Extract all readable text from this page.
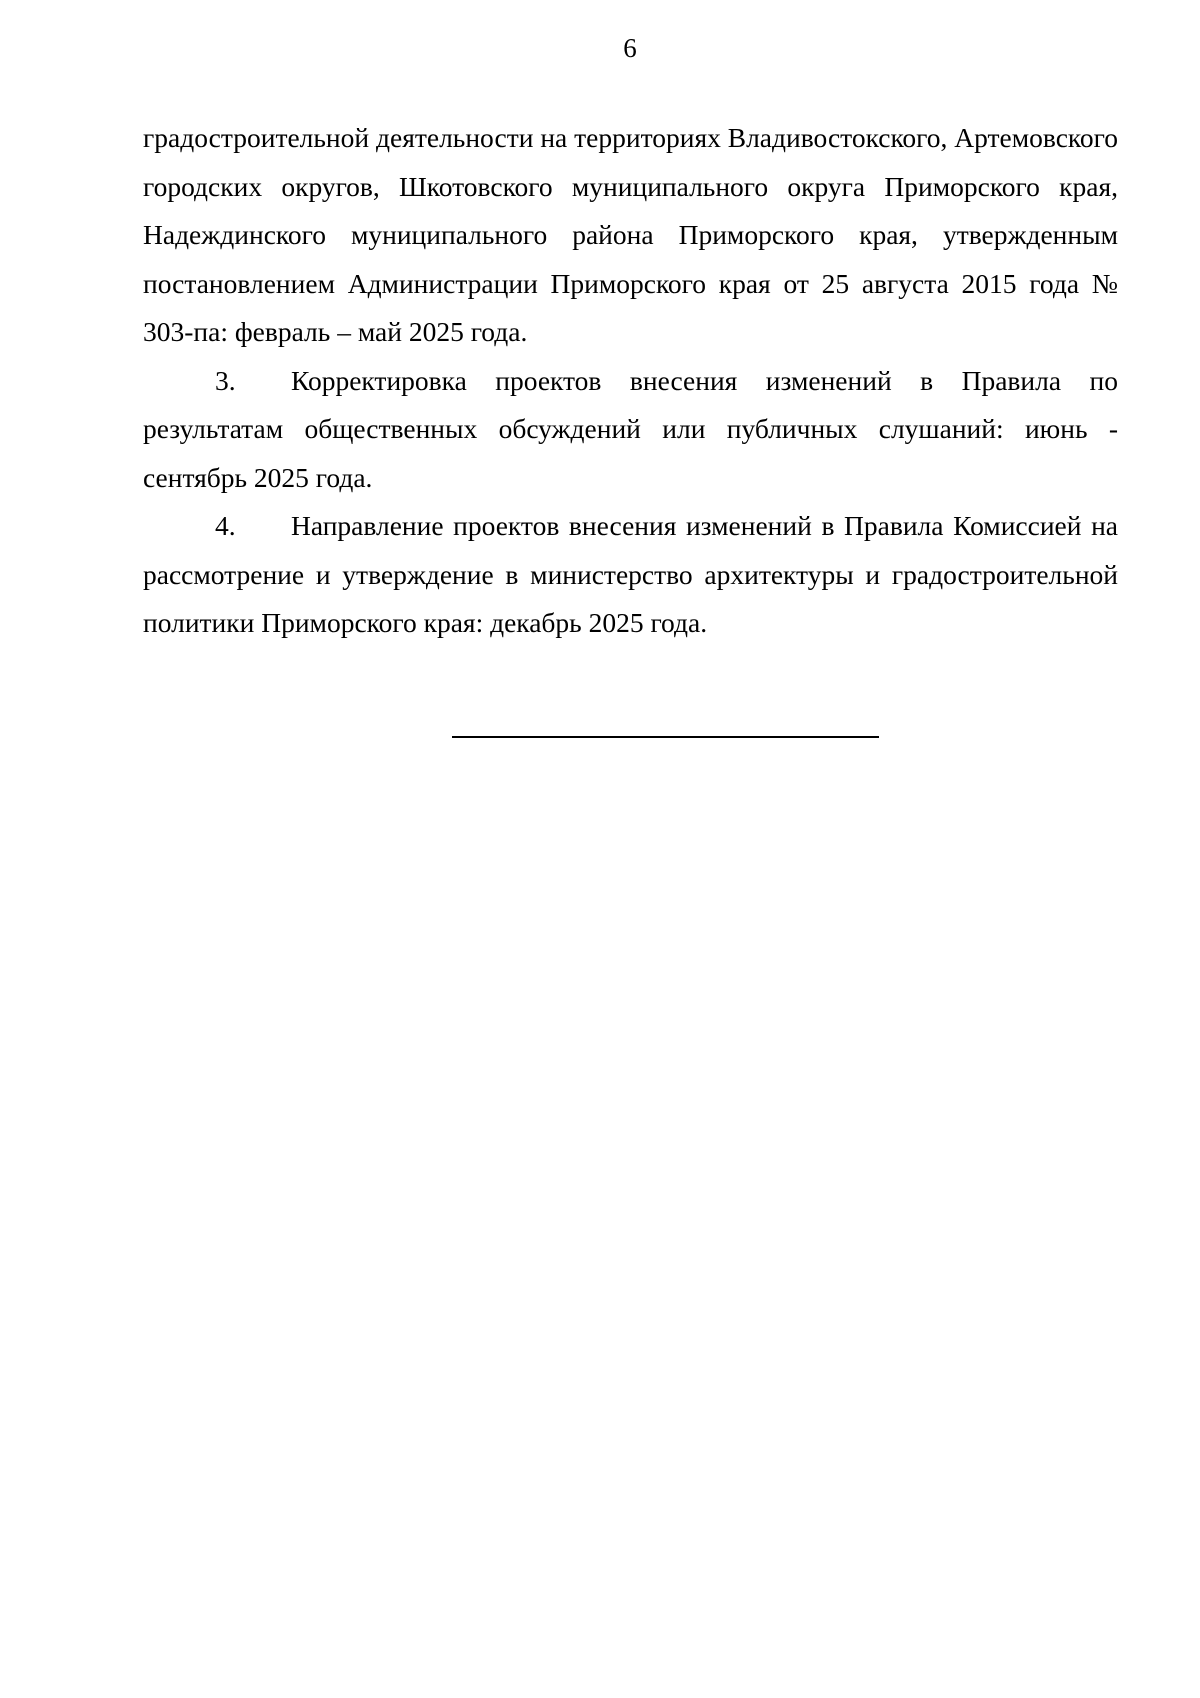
6

градостроительной деятельности на территориях Владивостокского, Артемовского городских округов, Шкотовского муниципального округа Приморского края, Надеждинского муниципального района Приморского края, утвержденным постановлением Администрации Приморского края от 25 августа 2015 года № 303-па: февраль – май 2025 года.

3. Корректировка проектов внесения изменений в Правила по результатам общественных обсуждений или публичных слушаний: июнь - сентябрь 2025 года.

4. Направление проектов внесения изменений в Правила Комиссией на рассмотрение и утверждение в министерство архитектуры и градостроительной политики Приморского края: декабрь 2025 года.
